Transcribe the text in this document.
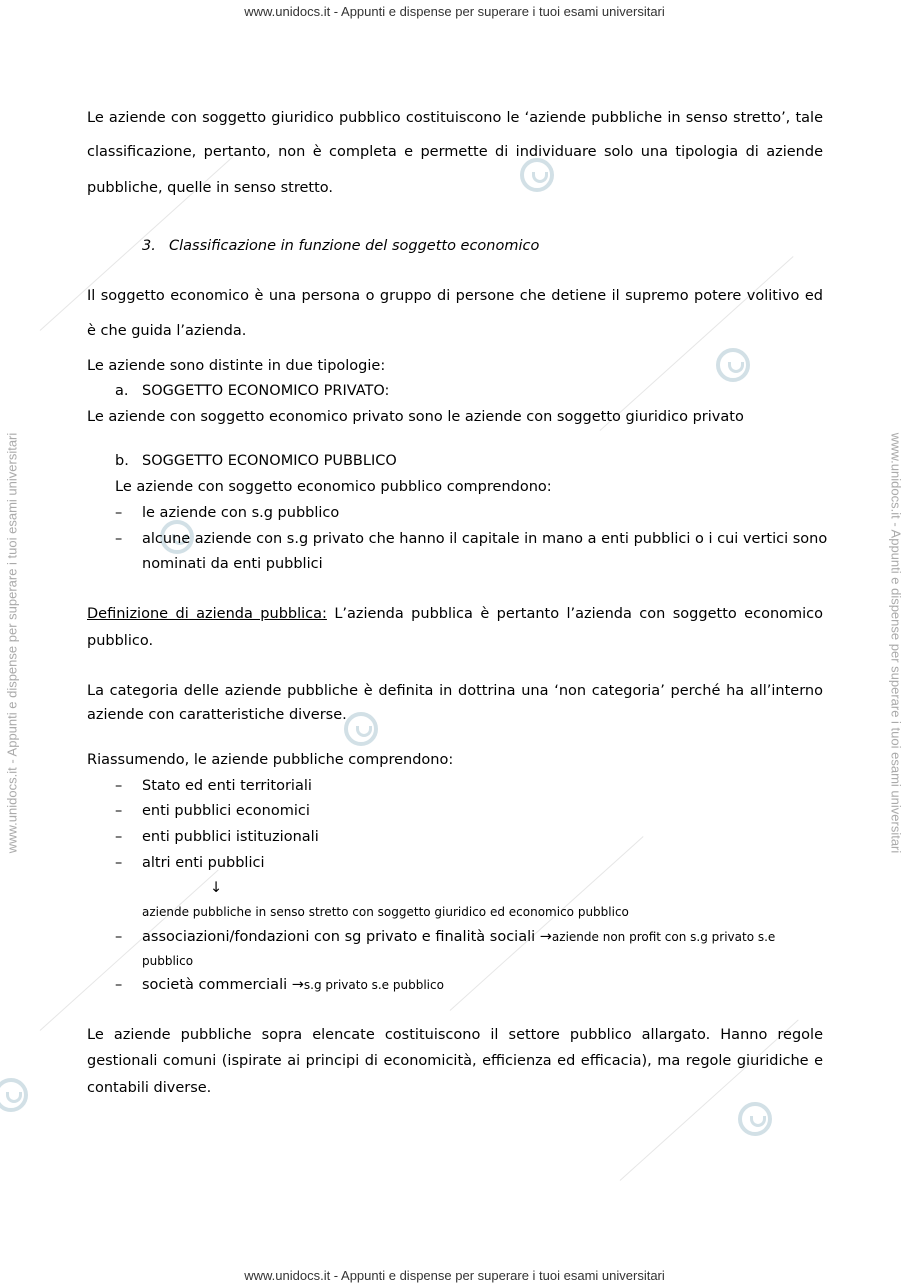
www.unidocs.it - Appunti e dispense per superare i tuoi esami universitari
www.unidocs.it - Appunti e dispense per superare i tuoi esami universitari
www.unidocs.it - Appunti e dispense per superare i tuoi esami universitari	www.unidocs.it - Appunti e dispense per superare i tuoi esami universitari
Le aziende con soggetto giuridico pubblico costituiscono le ‘aziende pubbliche in senso stretto’, tale
classificazione, pertanto, non è completa e permette di individuare solo una tipologia di aziende
pubbliche, quelle in senso stretto.
3. Classificazione in funzione del soggetto economico
Il soggetto economico è una persona o gruppo di persone che detiene il supremo potere volitivo ed
è che guida l’azienda.
Le aziende sono distinte in due tipologie:
a. SOGGETTO ECONOMICO PRIVATO:
Le aziende con soggetto economico privato sono le aziende con soggetto giuridico privato
b. SOGGETTO ECONOMICO PUBBLICO
Le aziende con soggetto economico pubblico comprendono:
– le aziende con s.g pubblico
– alcune aziende con s.g privato che hanno il capitale in mano a enti pubblici o i cui vertici sono
nominati da enti pubblici
Definizione di azienda pubblica: L’azienda pubblica è pertanto l’azienda con soggetto economico
pubblico.
La categoria delle aziende pubbliche è definita in dottrina una ‘non categoria’ perché ha all’interno
aziende con caratteristiche diverse.
Riassumendo, le aziende pubbliche comprendono:
– Stato ed enti territoriali
– enti pubblici economici
– enti pubblici istituzionali
– altri enti pubblici
↓
aziende pubbliche in senso stretto con soggetto giuridico ed economico pubblico
– associazioni/fondazioni con sg privato e finalità sociali →aziende non profit con s.g privato s.e
pubblico
– società commerciali →s.g privato s.e pubblico
Le aziende pubbliche sopra elencate costituiscono il settore pubblico allargato. Hanno regole
gestionali comuni (ispirate ai principi di economicità, efficienza ed efficacia), ma regole giuridiche e
contabili diverse.
